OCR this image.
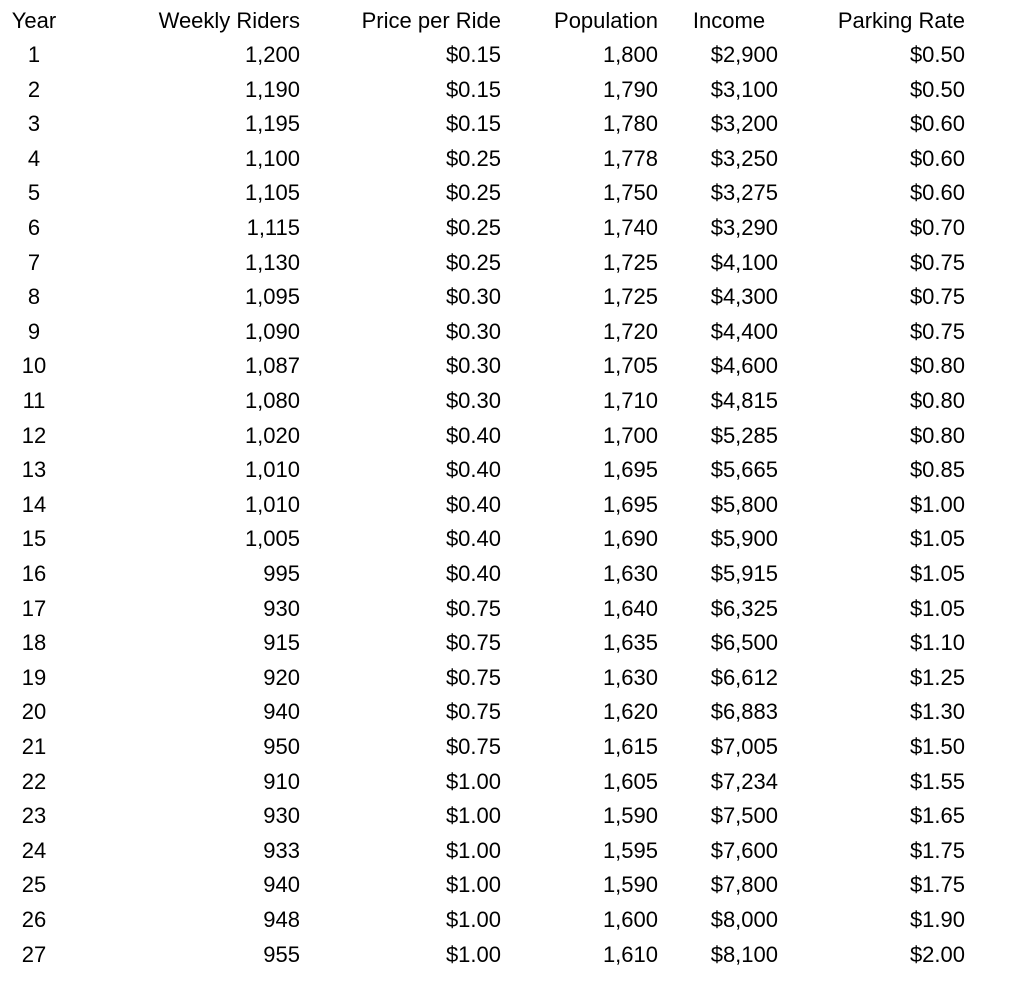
Year	Weekly Riders	Price per Ride	Population	Income	Parking Rate
1	1,200	$0.15	1,800	$2,900	$0.50
2	1,190	$0.15	1,790	$3,100	$0.50
3	1,195	$0.15	1,780	$3,200	$0.60
4	1,100	$0.25	1,778	$3,250	$0.60
5	1,105	$0.25	1,750	$3,275	$0.60
6	1,115	$0.25	1,740	$3,290	$0.70
7	1,130	$0.25	1,725	$4,100	$0.75
8	1,095	$0.30	1,725	$4,300	$0.75
9	1,090	$0.30	1,720	$4,400	$0.75
10	1,087	$0.30	1,705	$4,600	$0.80
11	1,080	$0.30	1,710	$4,815	$0.80
12	1,020	$0.40	1,700	$5,285	$0.80
13	1,010	$0.40	1,695	$5,665	$0.85
14	1,010	$0.40	1,695	$5,800	$1.00
15	1,005	$0.40	1,690	$5,900	$1.05
16	995	$0.40	1,630	$5,915	$1.05
17	930	$0.75	1,640	$6,325	$1.05
18	915	$0.75	1,635	$6,500	$1.10
19	920	$0.75	1,630	$6,612	$1.25
20	940	$0.75	1,620	$6,883	$1.30
21	950	$0.75	1,615	$7,005	$1.50
22	910	$1.00	1,605	$7,234	$1.55
23	930	$1.00	1,590	$7,500	$1.65
24	933	$1.00	1,595	$7,600	$1.75
25	940	$1.00	1,590	$7,800	$1.75
26	948	$1.00	1,600	$8,000	$1.90
27	955	$1.00	1,610	$8,100	$2.00
